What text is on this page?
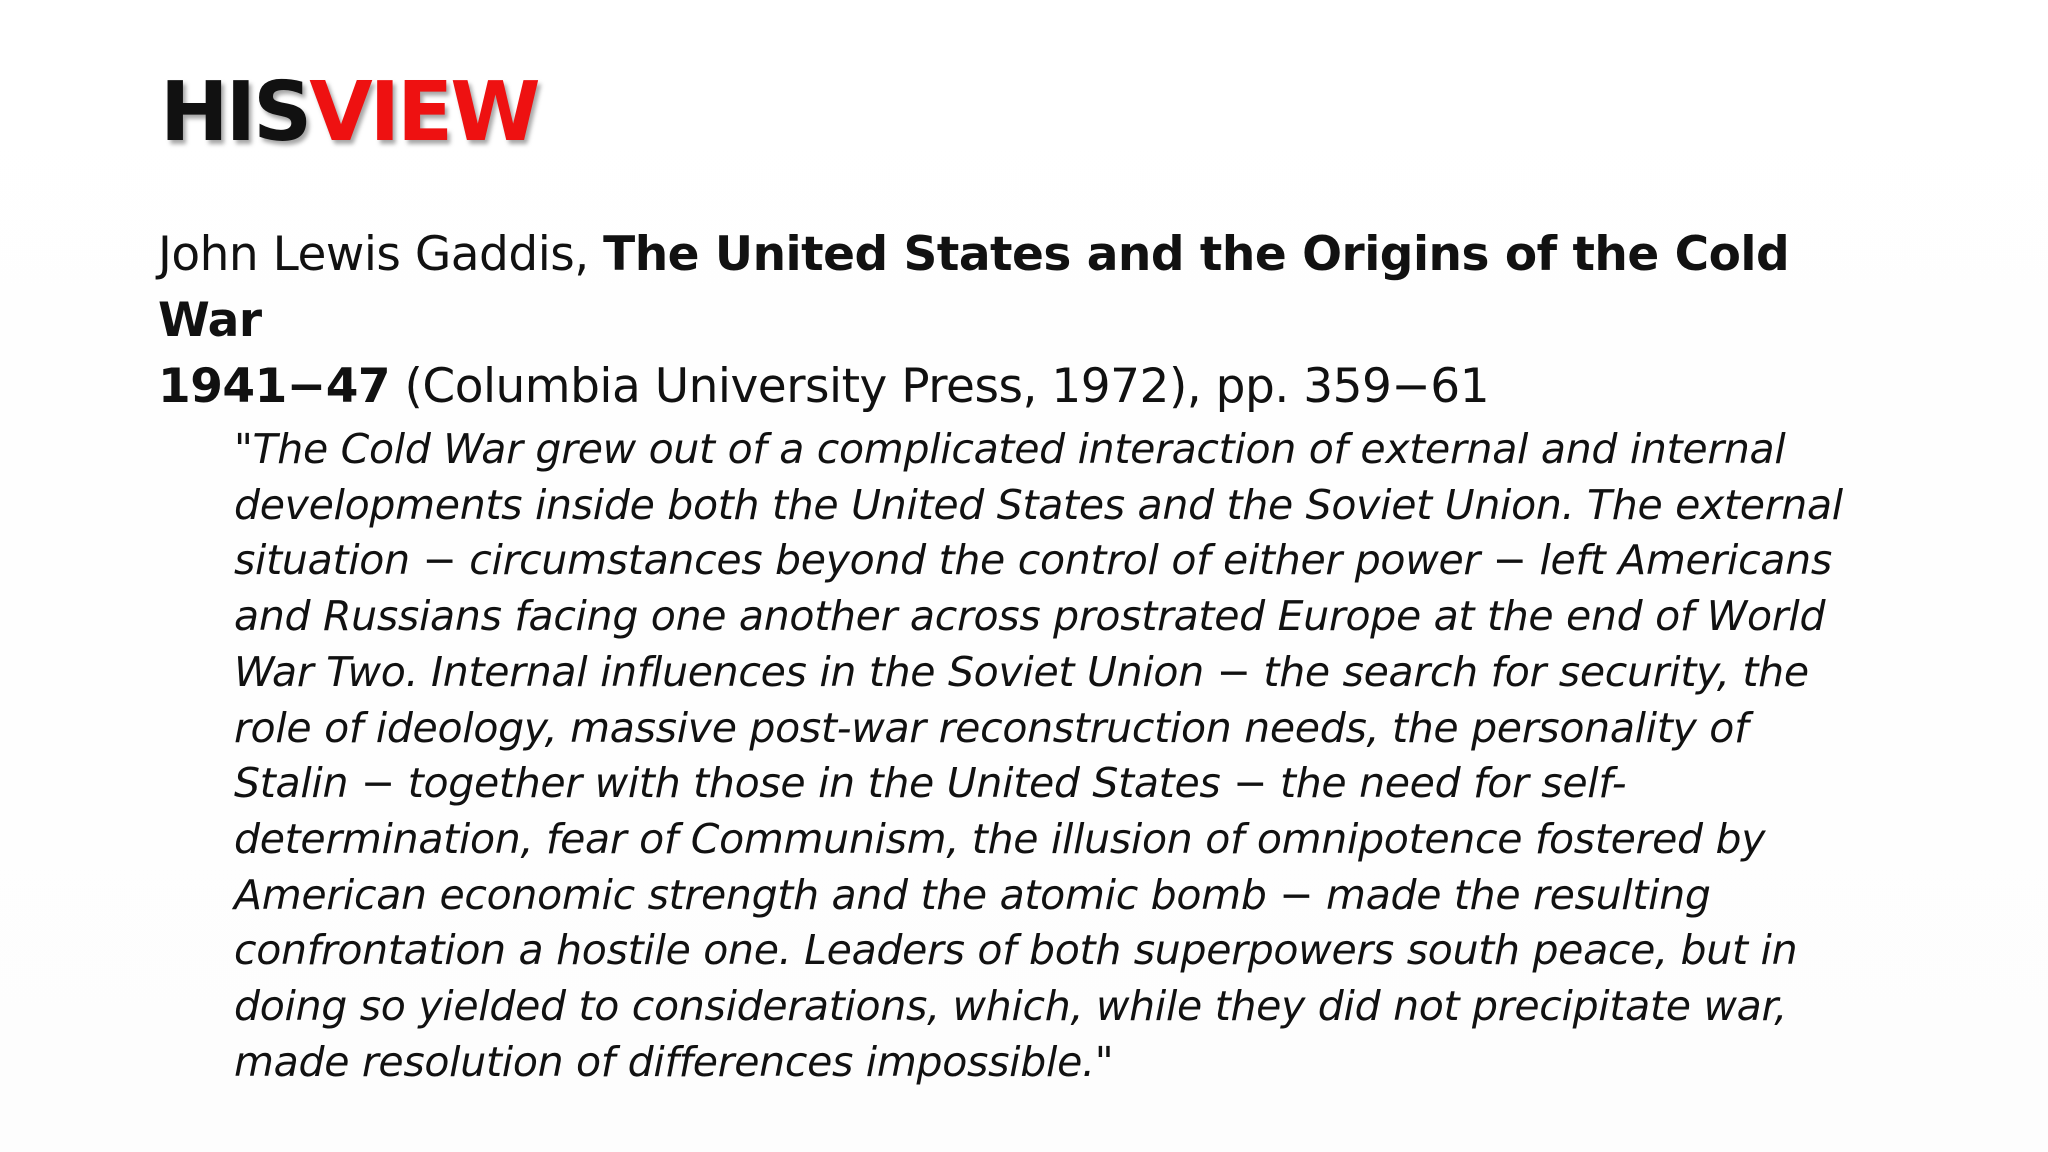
HISVIEW
John Lewis Gaddis, The United States and the Origins of the Cold War
1941−47 (Columbia University Press, 1972), pp. 359−61
"The Cold War grew out of a complicated interaction of external and internal
developments inside both the United States and the Soviet Union. The external
situation − circumstances beyond the control of either power − left Americans
and Russians facing one another across prostrated Europe at the end of World
War Two. Internal influences in the Soviet Union − the search for security, the
role of ideology, massive post-war reconstruction needs, the personality of
Stalin − together with those in the United States − the need for self-
determination, fear of Communism, the illusion of omnipotence fostered by
American economic strength and the atomic bomb − made the resulting
confrontation a hostile one. Leaders of both superpowers south peace, but in
doing so yielded to considerations, which, while they did not precipitate war,
made resolution of differences impossible."
